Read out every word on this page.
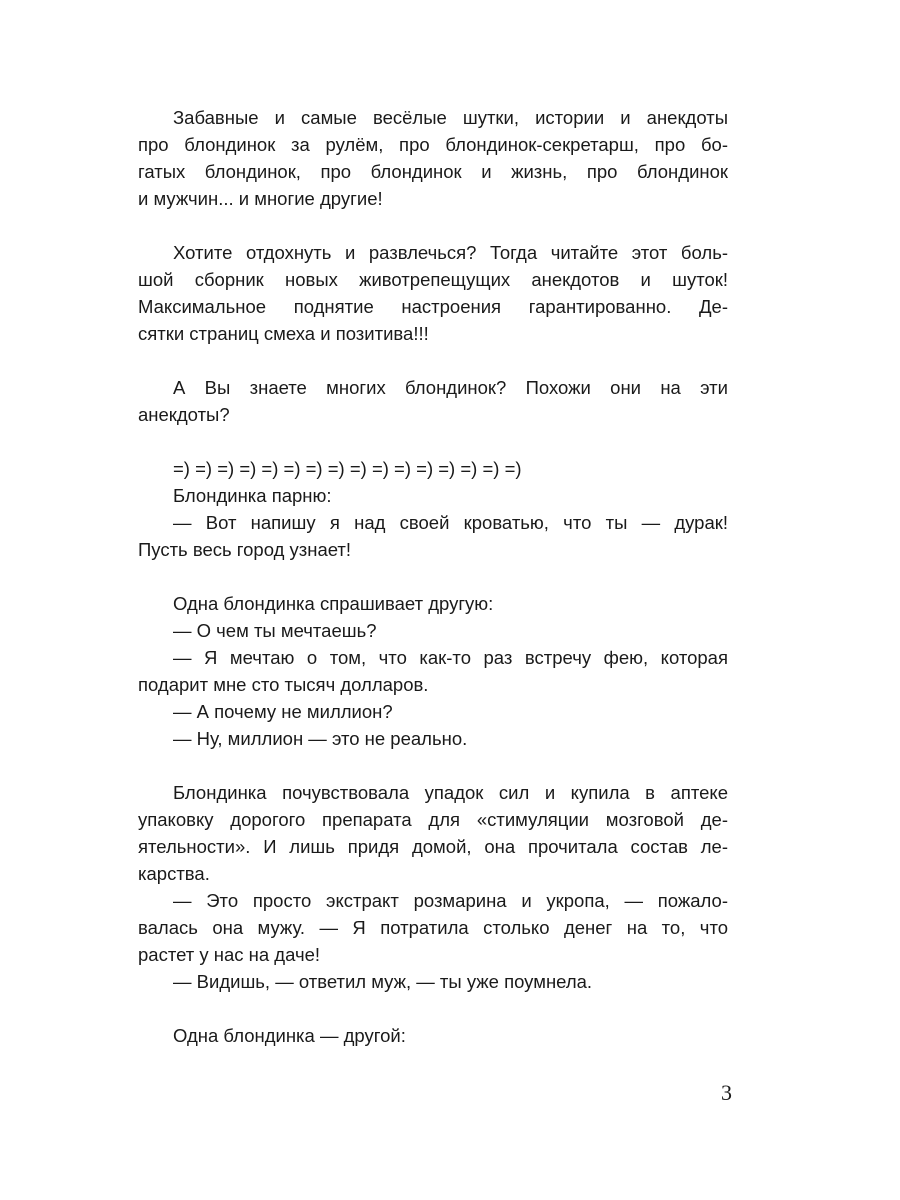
Забавные и самые весёлые шутки, истории и анекдоты
про блондинок за рулём, про блондинок-секретарш, про бо-
гатых блондинок, про блондинок и жизнь, про блондинок
и мужчин... и многие другие!
Хотите отдохнуть и развлечься? Тогда читайте этот боль-
шой сборник новых животрепещущих анекдотов и шуток!
Максимальное поднятие настроения гарантированно. Де-
сятки страниц смеха и позитива!!!
А Вы знаете многих блондинок? Похожи они на эти
анекдоты?
=) =) =) =) =) =) =) =) =) =) =) =) =) =) =) =)
Блондинка парню:
— Вот напишу я над своей кроватью, что ты — дурак!
Пусть весь город узнает!
Одна блондинка спрашивает другую:
— О чем ты мечтаешь?
— Я мечтаю о том, что как-то раз встречу фею, которая
подарит мне сто тысяч долларов.
— А почему не миллион?
— Ну, миллион — это не реально.
Блондинка почувствовала упадок сил и купила в аптеке
упаковку дорогого препарата для «стимуляции мозговой де-
ятельности». И лишь придя домой, она прочитала состав ле-
карства.
— Это просто экстракт розмарина и укропа, — пожало-
валась она мужу. — Я потратила столько денег на то, что
растет у нас на даче!
— Видишь, — ответил муж, — ты уже поумнела.
Одна блондинка — другой:
3
